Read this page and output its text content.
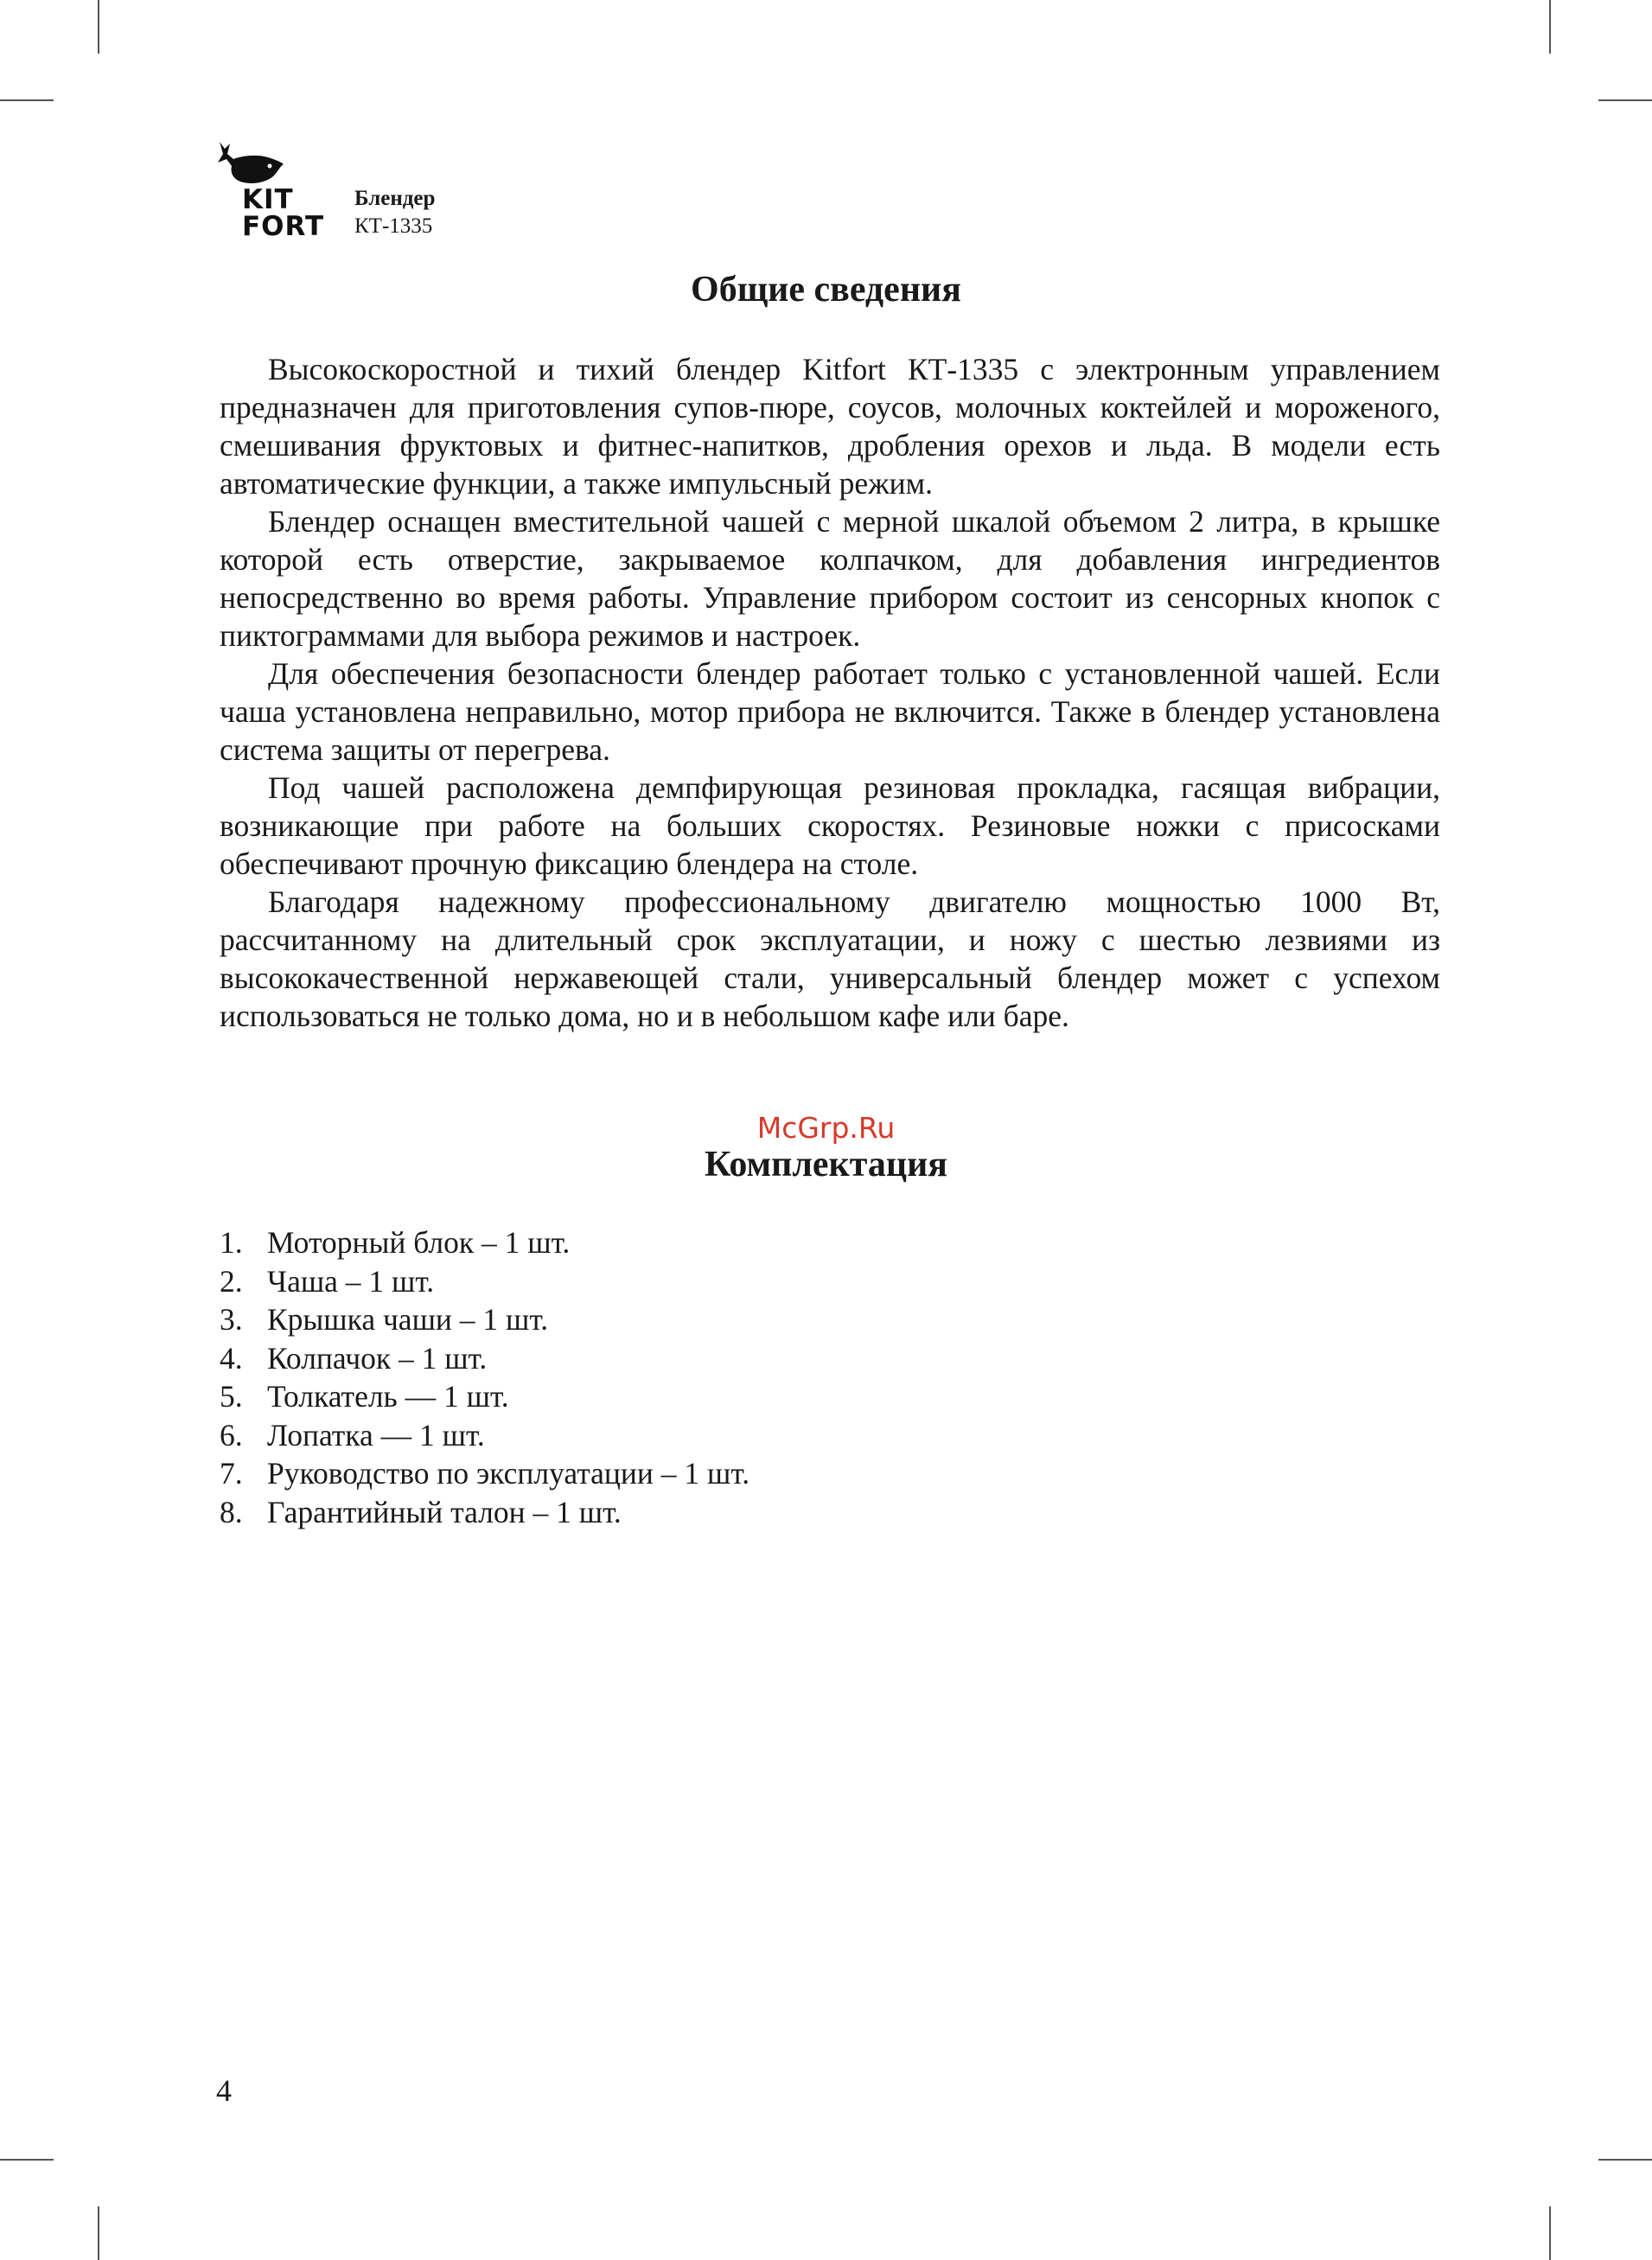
KIT
FORT
Блендер
КТ-1335
Общие сведения

Высокоскоростной и тихий блендер Kitfort КТ-1335 с электронным управлением предназначен для приготовления супов-пюре, соусов, молочных коктейлей и мороженого, смешивания фруктовых и фитнес-напитков, дробления орехов и льда. В модели есть автоматические функции, а также импульсный режим.

Блендер оснащен вместительной чашей с мерной шкалой объемом 2 литра, в крышке которой есть отверстие, закрываемое колпачком, для добавления ингредиентов непосредственно во время работы. Управление прибором состоит из сенсорных кнопок с пиктограммами для выбора режимов и настроек.

Для обеспечения безопасности блендер работает только с установленной чашей. Если чаша установлена неправильно, мотор прибора не включится. Также в блендер установлена система защиты от перегрева.

Под чашей расположена демпфирующая резиновая прокладка, гасящая вибрации, возникающие при работе на больших скоростях. Резиновые ножки с присосками обеспечивают прочную фиксацию блендера на столе.

Благодаря надежному профессиональному двигателю мощностью 1000 Вт, рассчитанному на длительный срок эксплуатации, и ножу с шестью лезвиями из высококачественной нержавеющей стали, универсальный блендер может с успехом использоваться не только дома, но и в небольшом кафе или баре.

McGrp.Ru
Комплектация
1. Моторный блок – 1 шт.
2. Чаша – 1 шт.
3. Крышка чаши – 1 шт.
4. Колпачок – 1 шт.
5. Толкатель — 1 шт.
6. Лопатка — 1 шт.
7. Руководство по эксплуатации – 1 шт.
8. Гарантийный талон – 1 шт.
4
